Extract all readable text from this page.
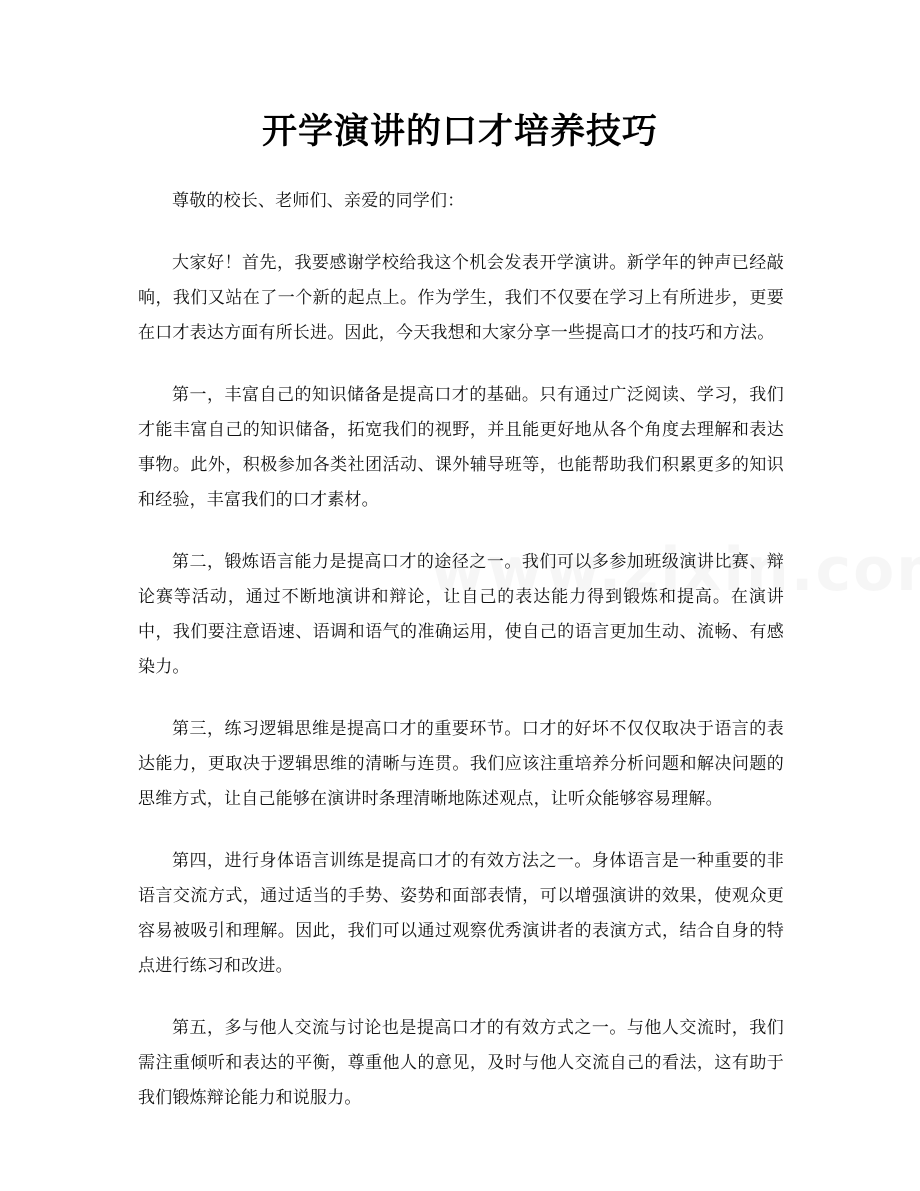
开学演讲的口才培养技巧

尊敬的校长、老师们、亲爱的同学们：

大家好！首先，我要感谢学校给我这个机会发表开学演讲。新学年的钟声已经敲响，我们又站在了一个新的起点上。作为学生，我们不仅要在学习上有所进步，更要在口才表达方面有所长进。因此，今天我想和大家分享一些提高口才的技巧和方法。

第一，丰富自己的知识储备是提高口才的基础。只有通过广泛阅读、学习，我们才能丰富自己的知识储备，拓宽我们的视野，并且能更好地从各个角度去理解和表达事物。此外，积极参加各类社团活动、课外辅导班等，也能帮助我们积累更多的知识和经验，丰富我们的口才素材。

第二，锻炼语言能力是提高口才的途径之一。我们可以多参加班级演讲比赛、辩论赛等活动，通过不断地演讲和辩论，让自己的表达能力得到锻炼和提高。在演讲中，我们要注意语速、语调和语气的准确运用，使自己的语言更加生动、流畅、有感染力。

第三，练习逻辑思维是提高口才的重要环节。口才的好坏不仅仅取决于语言的表达能力，更取决于逻辑思维的清晰与连贯。我们应该注重培养分析问题和解决问题的思维方式，让自己能够在演讲时条理清晰地陈述观点，让听众能够容易理解。

第四，进行身体语言训练是提高口才的有效方法之一。身体语言是一种重要的非语言交流方式，通过适当的手势、姿势和面部表情，可以增强演讲的效果，使观众更容易被吸引和理解。因此，我们可以通过观察优秀演讲者的表演方式，结合自身的特点进行练习和改进。

第五，多与他人交流与讨论也是提高口才的有效方式之一。与他人交流时，我们需注重倾听和表达的平衡，尊重他人的意见，及时与他人交流自己的看法，这有助于我们锻炼辩论能力和说服力。
